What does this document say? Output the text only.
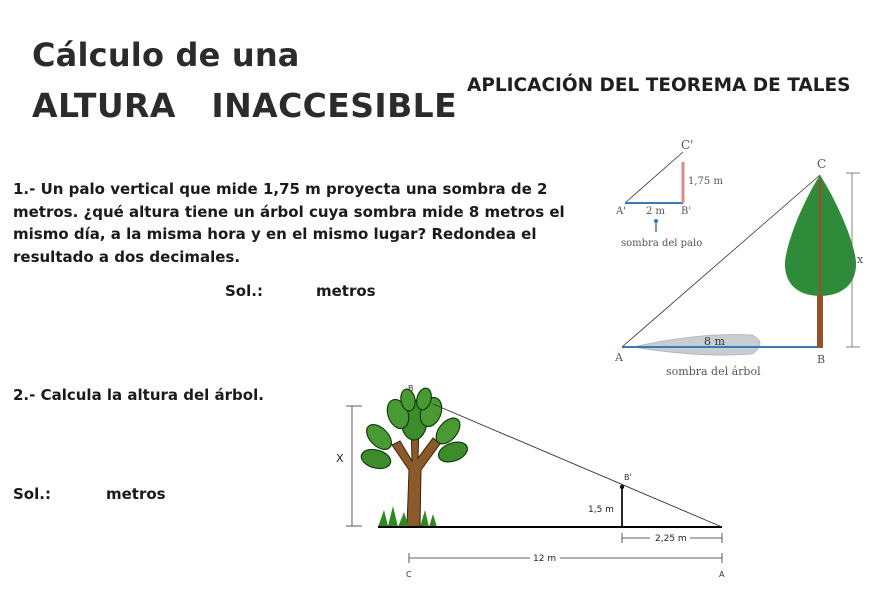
Cálculo de una
ALTURA   INACCESIBLE
APLICACIÓN DEL TEOREMA DE TALES
1.- Un palo vertical que mide 1,75 m proyecta una sombra de 2 metros. ¿qué altura tiene un árbol cuya sombra mide 8 metros el mismo día, a la misma hora y en el mismo lugar? Redondea el resultado a dos decimales.
Sol.:	metros
2.- Calcula la altura del árbol.
Sol.:	metros
C'
1,75 m
A' 2 m B'
sombra del palo
C
x
8 m
A	B
sombra del árbol
X
B
B'
1,5 m
2,25 m
12 m
C	A
